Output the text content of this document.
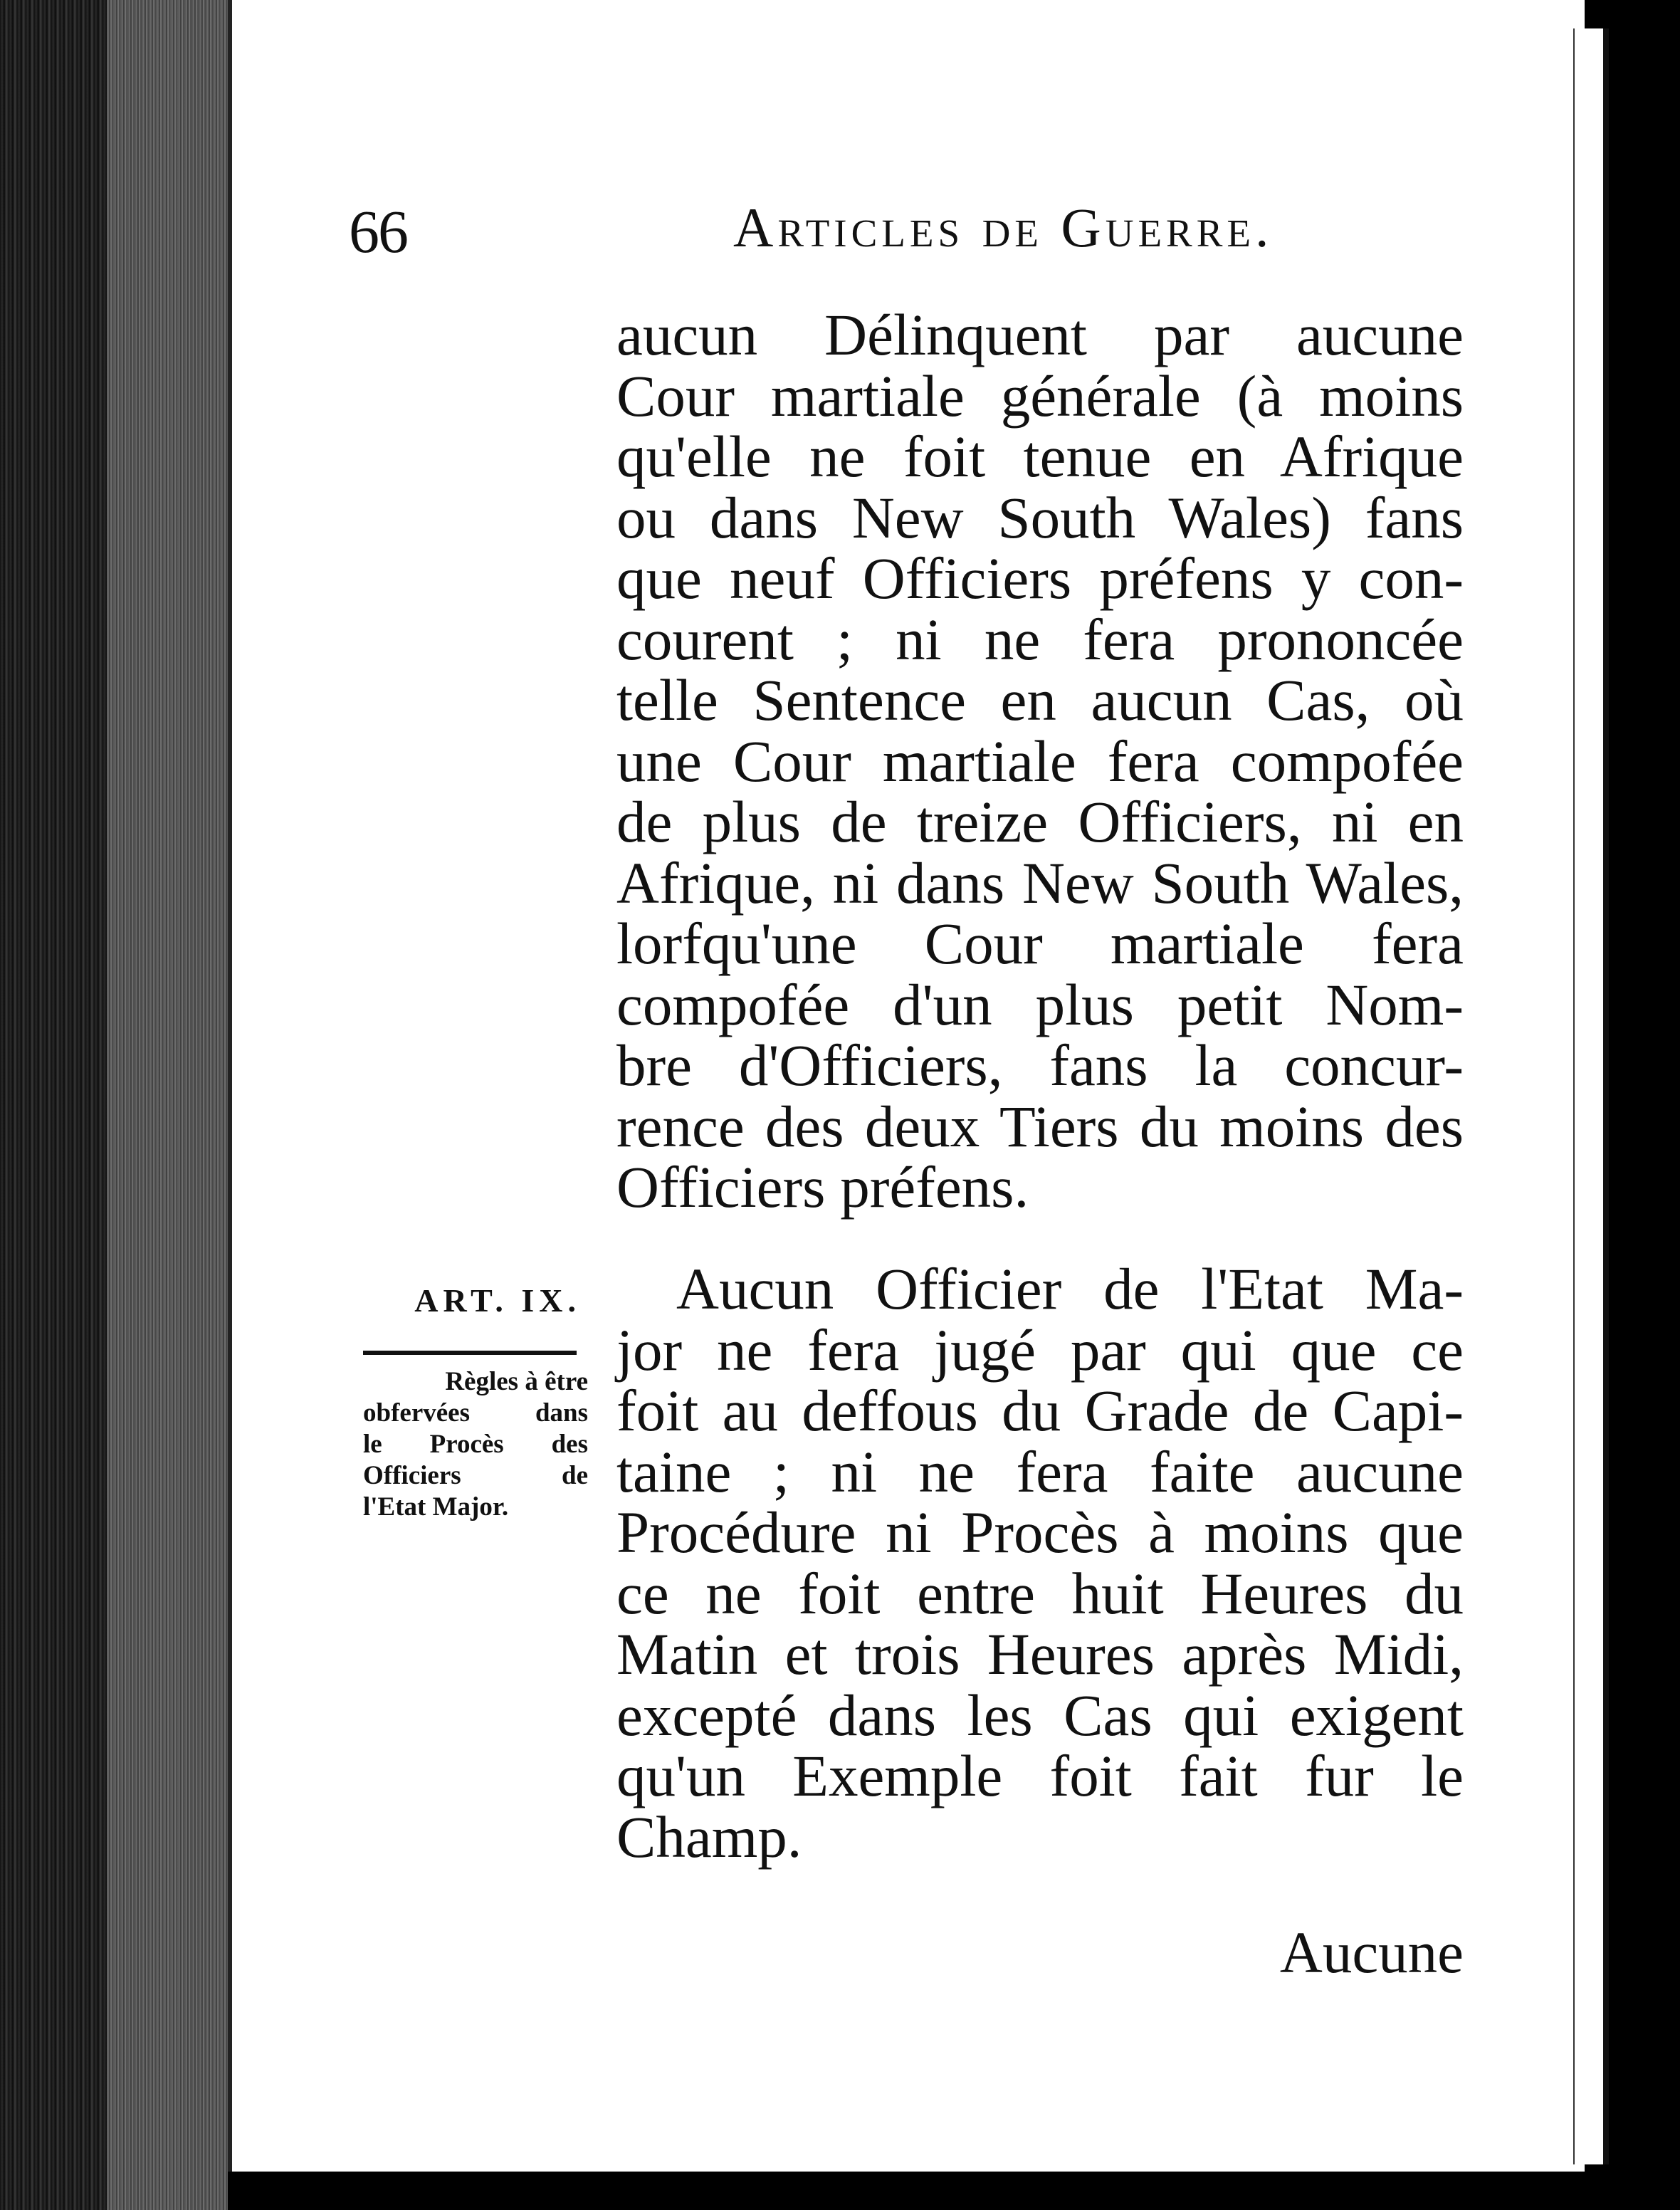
66	Articles de Guerre.
aucun Délinquent par aucune
Cour martiale générale (à moins
qu'elle ne foit tenue en Afrique
ou dans New South Wales) fans
que neuf Officiers préfens y con-
courent ; ni ne fera prononcée
telle Sentence en aucun Cas, où
une Cour martiale fera compofée
de plus de treize Officiers, ni en
Afrique, ni dans New South Wales,
lorfqu'une Cour martiale fera
compofée d'un plus petit Nom-
bre d'Officiers, fans la concur-
rence des deux Tiers du moins des
Officiers préfens.
ART. IX.
Règles à être
obfervées dans
le Procès des
Officiers de
l'Etat Major.
Aucun Officier de l'Etat Ma-
jor ne fera jugé par qui que ce
foit au deffous du Grade de Capi-
taine ; ni ne fera faite aucune
Procédure ni Procès à moins que
ce ne foit entre huit Heures du
Matin et trois Heures après Midi,
excepté dans les Cas qui exigent
qu'un Exemple foit fait fur le
Champ.
Aucune
